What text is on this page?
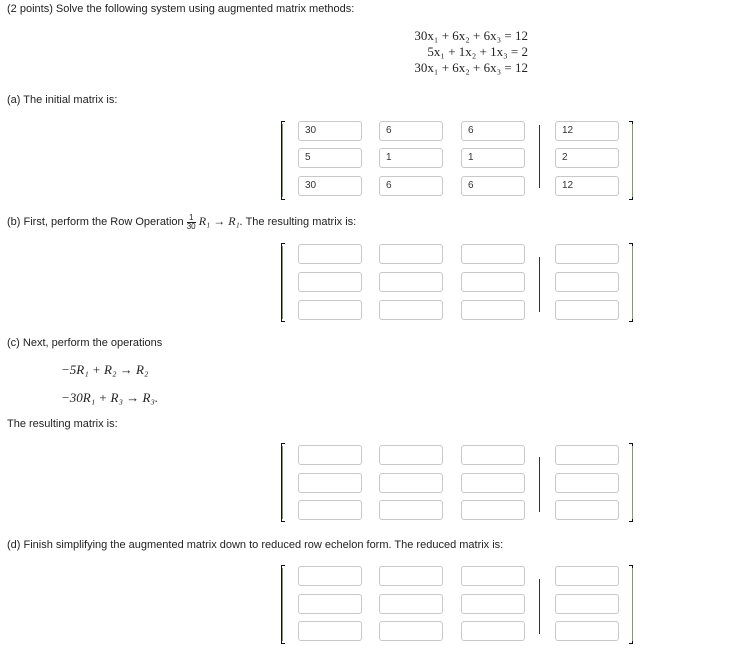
(2 points) Solve the following system using augmented matrix methods:
30x₁ + 6x₂ + 6x₃ = 12
5x₁ + 1x₂ + 1x₃ = 2
30x₁ + 6x₂ + 6x₃ = 12
(a) The initial matrix is:
30	6	6	12
5	1	1	2
30	6	6	12
(b) First, perform the Row Operation $\frac{1}{30} R_1 \to R_1$. The resulting matrix is:
(c) Next, perform the operations
−5R₁ + R₂ → R₂
−30R₁ + R₃ → R₃.
The resulting matrix is:
(d) Finish simplifying the augmented matrix down to reduced row echelon form. The reduced matrix is:
